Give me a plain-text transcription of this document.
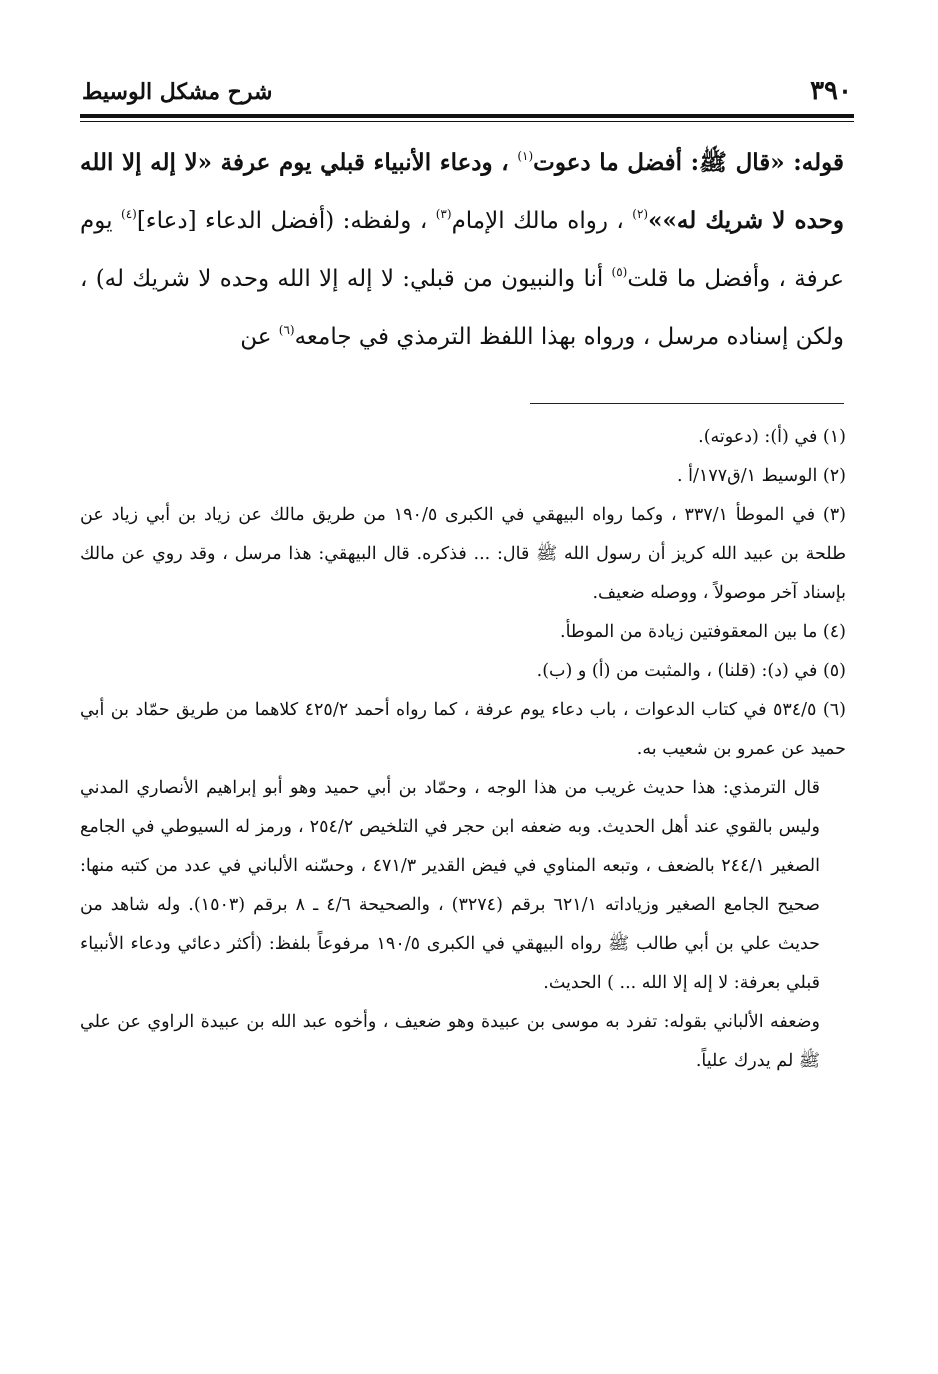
٣٩٠
شرح مشكل الوسيط
قوله: «قال ﷺ: أفضل ما دعوت$^{(١)}$ ، ودعاء الأنبياء قبلي يوم عرفة «لا إله إلا الله وحده لا شريك له»»$^{(٢)}$ ، رواه مالك الإمام$^{(٣)}$ ، ولفظه: (أفضل الدعاء [دعاء]$^{(٤)}$ يوم عرفة ، وأفضل ما قلت$^{(٥)}$ أنا والنبيون من قبلي: لا إله إلا الله وحده لا شريك له) ، ولكن إسناده مرسل ، ورواه بهذا اللفظ الترمذي في جامعه$^{(٦)}$ عن

(١) في (أ): (دعوته).

(٢) الوسيط ١/ق١٧٧/أ .

(٣) في الموطأ ٣٣٧/١ ، وكما رواه البيهقي في الكبرى ١٩٠/٥ من طريق مالك عن زياد بن أبي زياد عن طلحة بن عبيد الله كريز أن رسول الله ﷺ قال: ... فذكره. قال البيهقي: هذا مرسل ، وقد روي عن مالك بإسناد آخر موصولاً ، ووصله ضعيف.

(٤) ما بين المعقوفتين زيادة من الموطأ.

(٥) في (د): (قلنا) ، والمثبت من (أ) و (ب).

(٦) ٥٣٤/٥ في كتاب الدعوات ، باب دعاء يوم عرفة ، كما رواه أحمد ٤٢٥/٢ كلاهما من طريق حمّاد بن أبي حميد عن عمرو بن شعيب به.

قال الترمذي: هذا حديث غريب من هذا الوجه ، وحمّاد بن أبي حميد وهو أبو إبراهيم الأنصاري المدني وليس بالقوي عند أهل الحديث. وبه ضعفه ابن حجر في التلخيص ٢٥٤/٢ ، ورمز له السيوطي في الجامع الصغير ٢٤٤/١ بالضعف ، وتبعه المناوي في فيض القدير ٤٧١/٣ ، وحسّنه الألباني في عدد من كتبه منها: صحيح الجامع الصغير وزياداته ٦٢١/١ برقم (٣٢٧٤) ، والصحيحة ٤/٦ ـ ٨ برقم (١٥٠٣). وله شاهد من حديث علي بن أبي طالب ﷺ رواه البيهقي في الكبرى ١٩٠/٥ مرفوعاً بلفظ: (أكثر دعائي ودعاء الأنبياء قبلي بعرفة: لا إله إلا الله ... ) الحديث.

وضعفه الألباني بقوله: تفرد به موسى بن عبيدة وهو ضعيف ، وأخوه عبد الله بن عبيدة الراوي عن علي ﷺ لم يدرك علياً.
